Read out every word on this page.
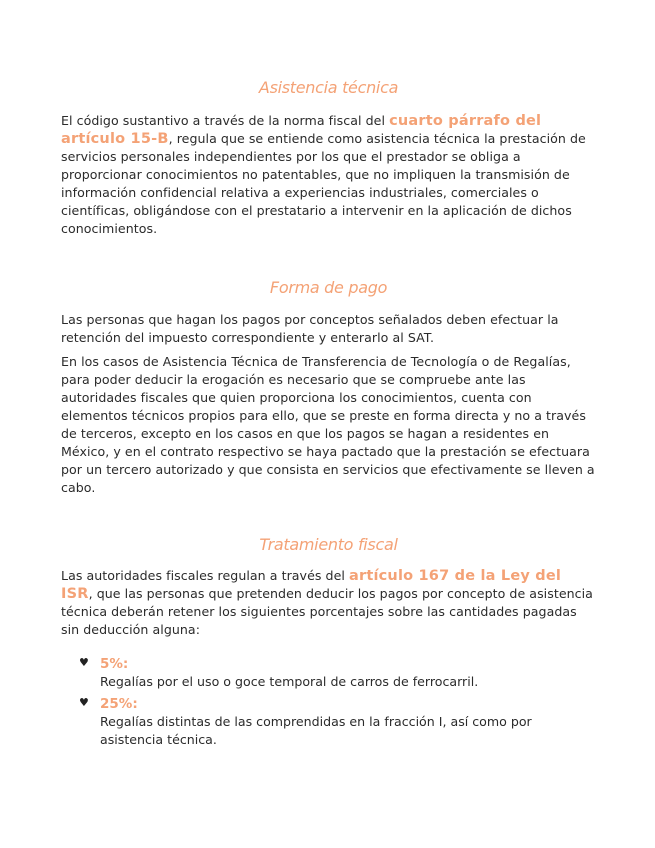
Asistencia técnica

El código sustantivo a través de la norma fiscal del cuarto párrafo del artículo 15-B, regula que se entiende como asistencia técnica la prestación de servicios personales independientes por los que el prestador se obliga a proporcionar conocimientos no patentables, que no impliquen la transmisión de información confidencial relativa a experiencias industriales, comerciales o científicas, obligándose con el prestatario a intervenir en la aplicación de dichos conocimientos.

Forma de pago

Las personas que hagan los pagos por conceptos señalados deben efectuar la retención del impuesto correspondiente y enterarlo al SAT.

En los casos de Asistencia Técnica de Transferencia de Tecnología o de Regalías, para poder deducir la erogación es necesario que se compruebe ante las autoridades fiscales que quien proporciona los conocimientos, cuenta con elementos técnicos propios para ello, que se preste en forma directa y no a través de terceros, excepto en los casos en que los pagos se hagan a residentes en México, y en el contrato respectivo se haya pactado que la prestación se efectuara por un tercero autorizado y que consista en servicios que efectivamente se lleven a cabo.

Tratamiento fiscal

Las autoridades fiscales regulan a través del artículo 167 de la Ley del ISR, que las personas que pretenden deducir los pagos por concepto de asistencia técnica deberán retener los siguientes porcentajes sobre las cantidades pagadas sin deducción alguna:

♥ 5%:
Regalías por el uso o goce temporal de carros de ferrocarril.
♥ 25%:
Regalías distintas de las comprendidas en la fracción I, así como por asistencia técnica.
